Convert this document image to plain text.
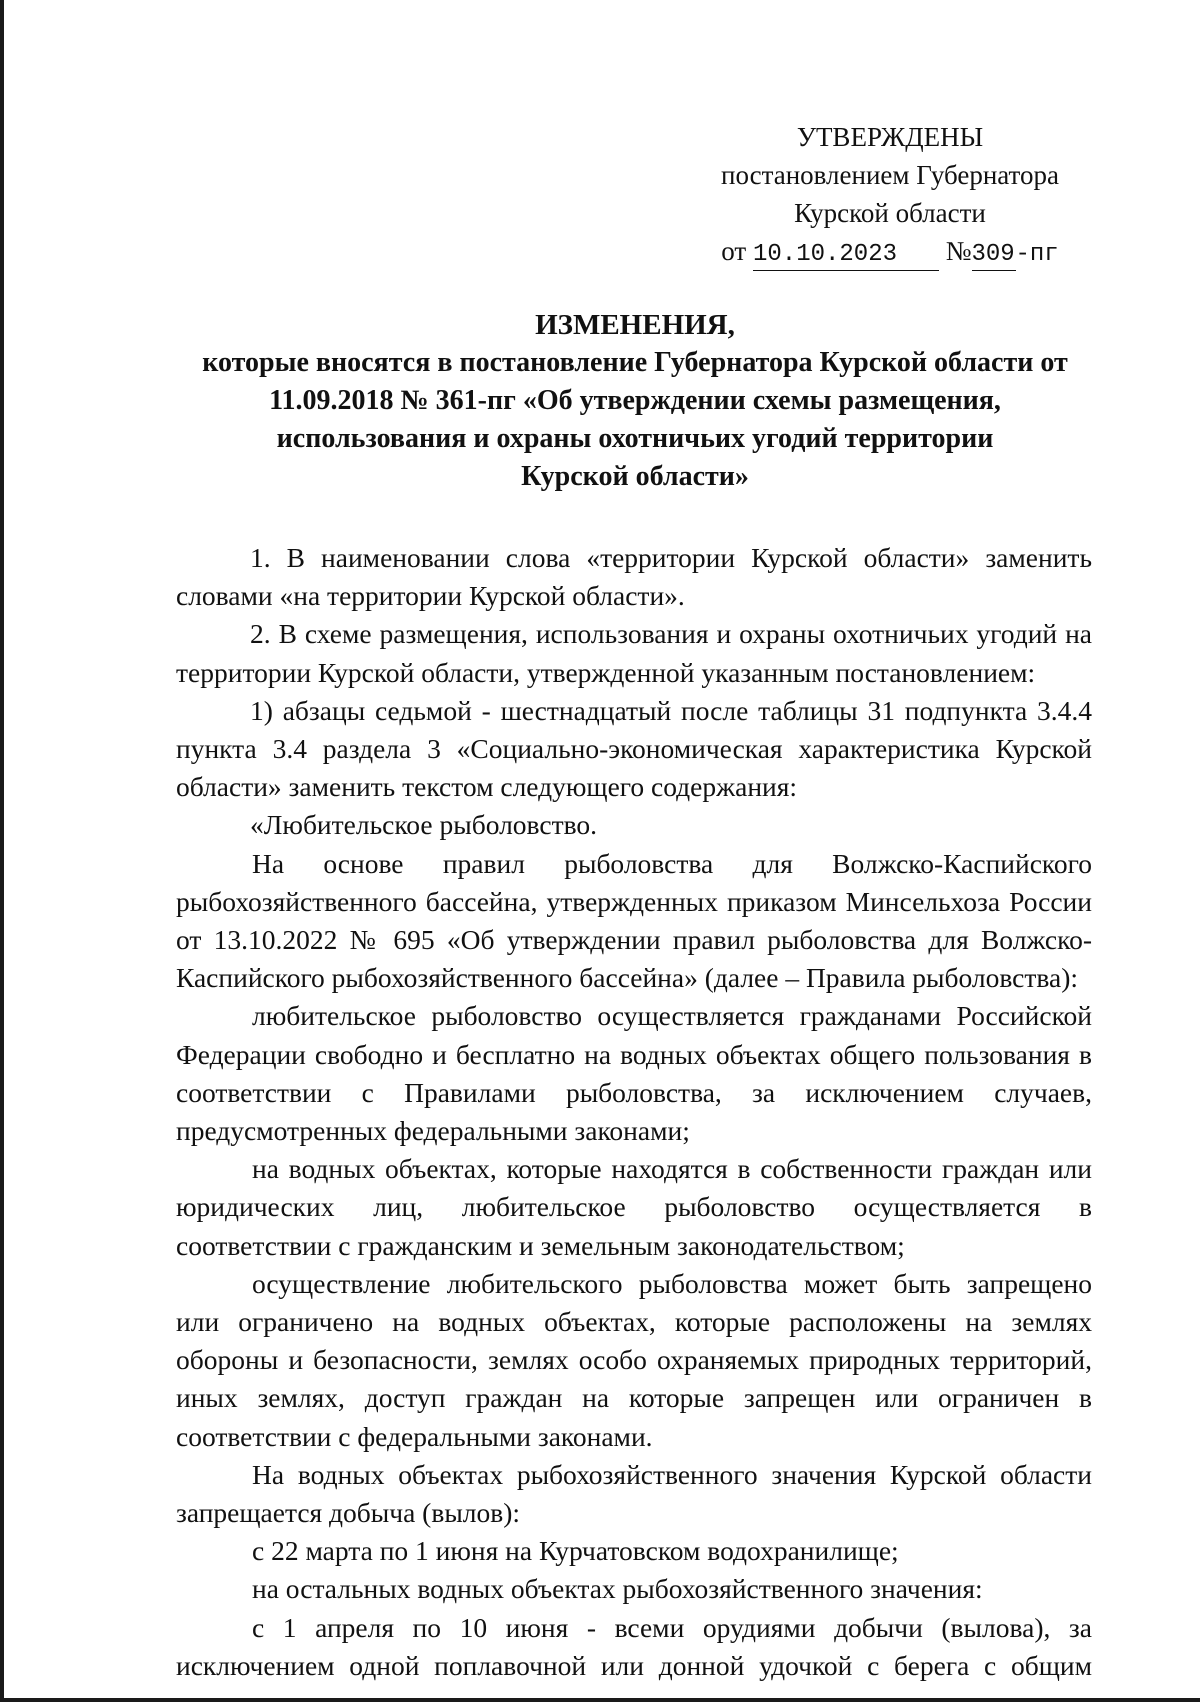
УТВЕРЖДЕНЫ
постановлением Губернатора
Курской области
от 10.10.2023 №309-пг
ИЗМЕНЕНИЯ,
которые вносятся в постановление Губернатора Курской области от
11.09.2018 № 361-пг «Об утверждении схемы размещения,
использования и охраны охотничьих угодий территории
Курской области»

1. В наименовании слова «территории Курской области» заменить словами «на территории Курской области».

2. В схеме размещения, использования и охраны охотничьих угодий на территории Курской области, утвержденной указанным постановлением:

1) абзацы седьмой - шестнадцатый после таблицы 31 подпункта 3.4.4 пункта 3.4 раздела 3 «Социально-экономическая характеристика Курской области» заменить текстом следующего содержания:

«Любительское рыболовство.

На основе правил рыболовства для Волжско-Каспийского рыбохозяйственного бассейна, утвержденных приказом Минсельхоза России от 13.10.2022 № 695 «Об утверждении правил рыболовства для Волжско-Каспийского рыбохозяйственного бассейна» (далее – Правила рыболовства):

любительское рыболовство осуществляется гражданами Российской Федерации свободно и бесплатно на водных объектах общего пользования в соответствии с Правилами рыболовства, за исключением случаев, предусмотренных федеральными законами;

на водных объектах, которые находятся в собственности граждан или юридических лиц, любительское рыболовство осуществляется в соответствии с гражданским и земельным законодательством;

осуществление любительского рыболовства может быть запрещено или ограничено на водных объектах, которые расположены на землях обороны и безопасности, землях особо охраняемых природных территорий, иных землях, доступ граждан на которые запрещен или ограничен в соответствии с федеральными законами.

На водных объектах рыбохозяйственного значения Курской области запрещается добыча (вылов):

с 22 марта по 1 июня на Курчатовском водохранилище;

на остальных водных объектах рыбохозяйственного значения:

с 1 апреля по 10 июня - всеми орудиями добычи (вылова), за исключением одной поплавочной или донной удочкой с берега с общим
